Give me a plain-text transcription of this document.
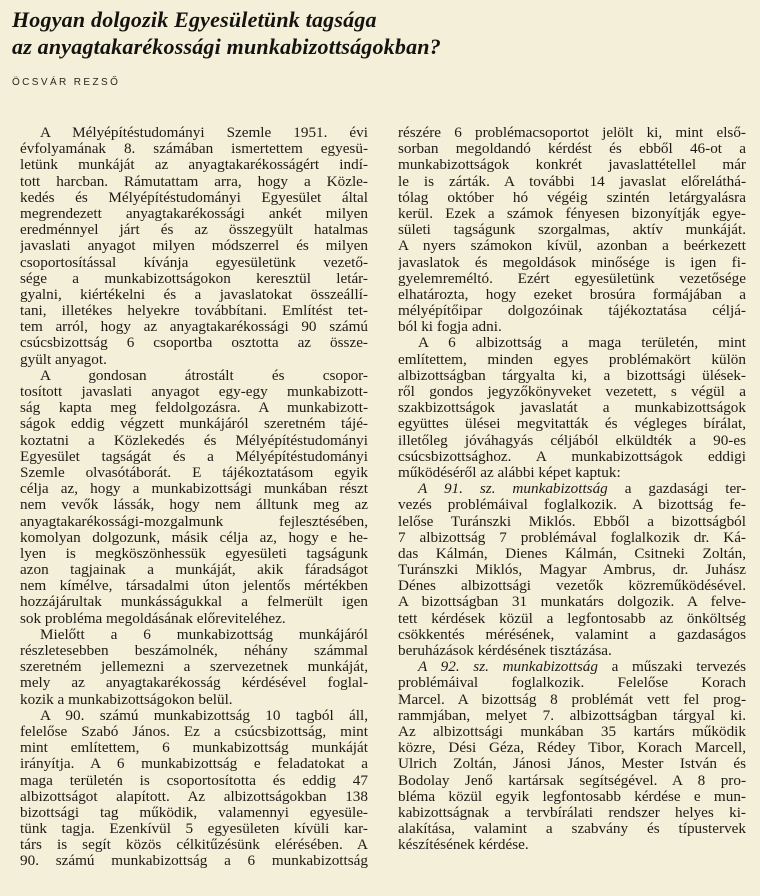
Hogyan dolgozik Egyesületünk tagsága
az anyagtakarékossági munkabizottságokban?
ÖCSVÁR REZSŐ
A Mélyépítéstudományi Szemle 1951. évi
évfolyamának 8. számában ismertettem egyesü-
letünk munkáját az anyagtakarékosságért indí-
tott harcban. Rámutattam arra, hogy a Közle-
kedés és Mélyépítéstudományi Egyesület által
megrendezett anyagtakarékossági ankét milyen
eredménnyel járt és az összegyült hatalmas
javaslati anyagot milyen módszerrel és milyen
csoportosítással kívánja egyesületünk vezető-
sége a munkabizottságokon keresztül letár-
gyalni, kiértékelni és a javaslatokat összeállí-
tani, illetékes helyekre továbbítani. Említést tet-
tem arról, hogy az anyagtakarékossági 90 számú
csúcsbizottság 6 csoportba osztotta az össze-
gyült anyagot.
A gondosan átrostált és csopor-
tosított javaslati anyagot egy-egy munkabizott-
ság kapta meg feldolgozásra. A munkabizott-
ságok eddig végzett munkájáról szeretném tájé-
koztatni a Közlekedés és Mélyépítéstudományi
Egyesület tagságát és a Mélyépítéstudományi
Szemle olvasótáborát. E tájékoztatásom egyik
célja az, hogy a munkabizottsági munkában részt
nem vevők lássák, hogy nem álltunk meg az
anyagtakarékossági-mozgalmunk fejlesztésében,
komolyan dolgozunk, másik célja az, hogy e he-
lyen is megköszönhessük egyesületi tagságunk
azon tagjainak a munkáját, akik fáradságot
nem kímélve, társadalmi úton jelentős mértékben
hozzájárultak munkásságukkal a felmerült igen
sok probléma megoldásának előreviteléhez.
Mielőtt a 6 munkabizottság munkájáról
részletesebben beszámolnék, néhány számmal
szeretném jellemezni a szervezetnek munkáját,
mely az anyagtakarékosság kérdésével foglal-
kozik a munkabizottságokon belül.
A 90. számú munkabizottság 10 tagból áll,
felelőse Szabó János. Ez a csúcsbizottság, mint
mint említettem, 6 munkabizottság munkáját
irányítja. A 6 munkabizottság e feladatokat a
maga területén is csoportosította és eddig 47
albizottságot alapított. Az albizottságokban 138
bizottsági tag működik, valamennyi egyesüle-
tünk tagja. Ezenkívül 5 egyesületen kívüli kar-
társ is segít közös célkitűzésünk elérésében. A
90. számú munkabizottság a 6 munkabizottság
részére 6 problémacsoportot jelölt ki, mint első-
sorban megoldandó kérdést és ebből 46-ot a
munkabizottságok konkrét javaslattétellel már
le is zárták. A további 14 javaslat előreláthá-
tólag október hó végéig szintén letárgyalásra
kerül. Ezek a számok fényesen bizonyítják egye-
sületi tagságunk szorgalmas, aktív munkáját.
A nyers számokon kívül, azonban a beérkezett
javaslatok és megoldások minősége is igen fi-
gyelemreméltó. Ezért egyesületünk vezetősége
elhatározta, hogy ezeket brosúra formájában a
mélyépítőipar dolgozóinak tájékoztatása céljá-
ból ki fogja adni.
A 6 albizottság a maga területén, mint
említettem, minden egyes problémakört külön
albizottságban tárgyalta ki, a bizottsági ülések-
ről gondos jegyzőkönyveket vezetett, s végül a
szakbizottságok javaslatát a munkabizottságok
együttes ülései megvitatták és végleges bírálat,
illetőleg jóváhagyás céljából elküldték a 90-es
csúcsbizottsághoz. A munkabizottságok eddigi
működéséről az alábbi képet kaptuk:
A 91. sz. munkabizottság a gazdasági ter-
vezés problémáival foglalkozik. A bizottság fe-
lelőse Turánszki Miklós. Ebből a bizottságból
7 albizottság 7 problémával foglalkozik dr. Ká-
das Kálmán, Dienes Kálmán, Csitneki Zoltán,
Turánszki Miklós, Magyar Ambrus, dr. Juhász
Dénes albizottsági vezetők közreműködésével.
A bizottságban 31 munkatárs dolgozik. A felve-
tett kérdések közül a legfontosabb az önköltség
csökkentés mérésének, valamint a gazdaságos
beruházások kérdésének tisztázása.
A 92. sz. munkabizottság a műszaki tervezés
problémáival foglalkozik. Felelőse Korach
Marcel. A bizottság 8 problémát vett fel prog-
rammjában, melyet 7. albizottságban tárgyal ki.
Az albizottsági munkában 35 kartárs működik
közre, Dési Géza, Rédey Tibor, Korach Marcell,
Ulrich Zoltán, Jánosi János, Mester István és
Bodolay Jenő kartársak segítségével. A 8 pro-
bléma közül egyik legfontosabb kérdése e mun-
kabizottságnak a tervbírálati rendszer helyes ki-
alakítása, valamint a szabvány és típustervek
készítésének kérdése.
